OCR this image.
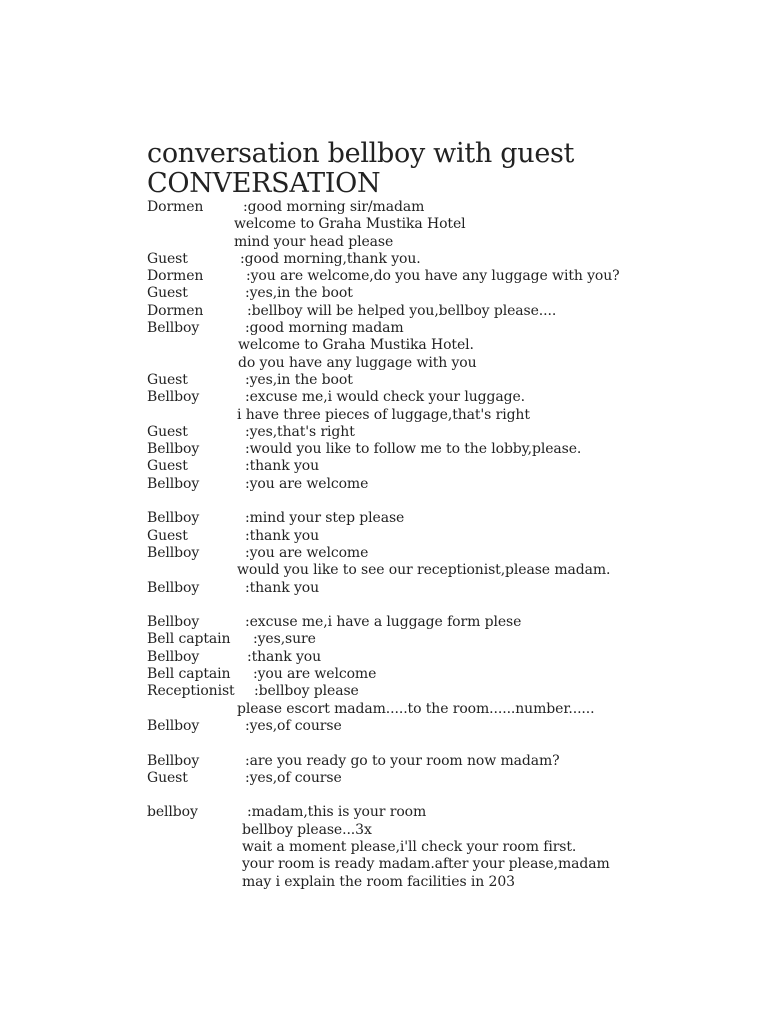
conversation bellboy with guest
CONVERSATION
Dormen	:good morning sir/madam
welcome to Graha Mustika Hotel
mind your head please
Guest	:good morning,thank you.
Dormen	:you are welcome,do you have any luggage with you?
Guest	:yes,in the boot
Dormen	:bellboy will be helped you,bellboy please....
Bellboy	:good morning madam
welcome to Graha Mustika Hotel.
do you have any luggage with you
Guest	:yes,in the boot
Bellboy	:excuse me,i would check your luggage.
i have three pieces of luggage,that's right
Guest	:yes,that's right
Bellboy	:would you like to follow me to the lobby,please.
Guest	:thank you
Bellboy	:you are welcome
Bellboy	:mind your step please
Guest	:thank you
Bellboy	:you are welcome
would you like to see our receptionist,please madam.
Bellboy	:thank you
Bellboy	:excuse me,i have a luggage form plese
Bell captain :yes,sure
Bellboy	:thank you
Bell captain :you are welcome
Receptionist :bellboy please
please escort madam.....to the room......number......
Bellboy	:yes,of course
Bellboy	:are you ready go to your room now madam?
Guest	:yes,of course
bellboy	:madam,this is your room
bellboy please...3x
wait a moment please,i'll check your room first.
your room is ready madam.after your please,madam
may i explain the room facilities in 203
